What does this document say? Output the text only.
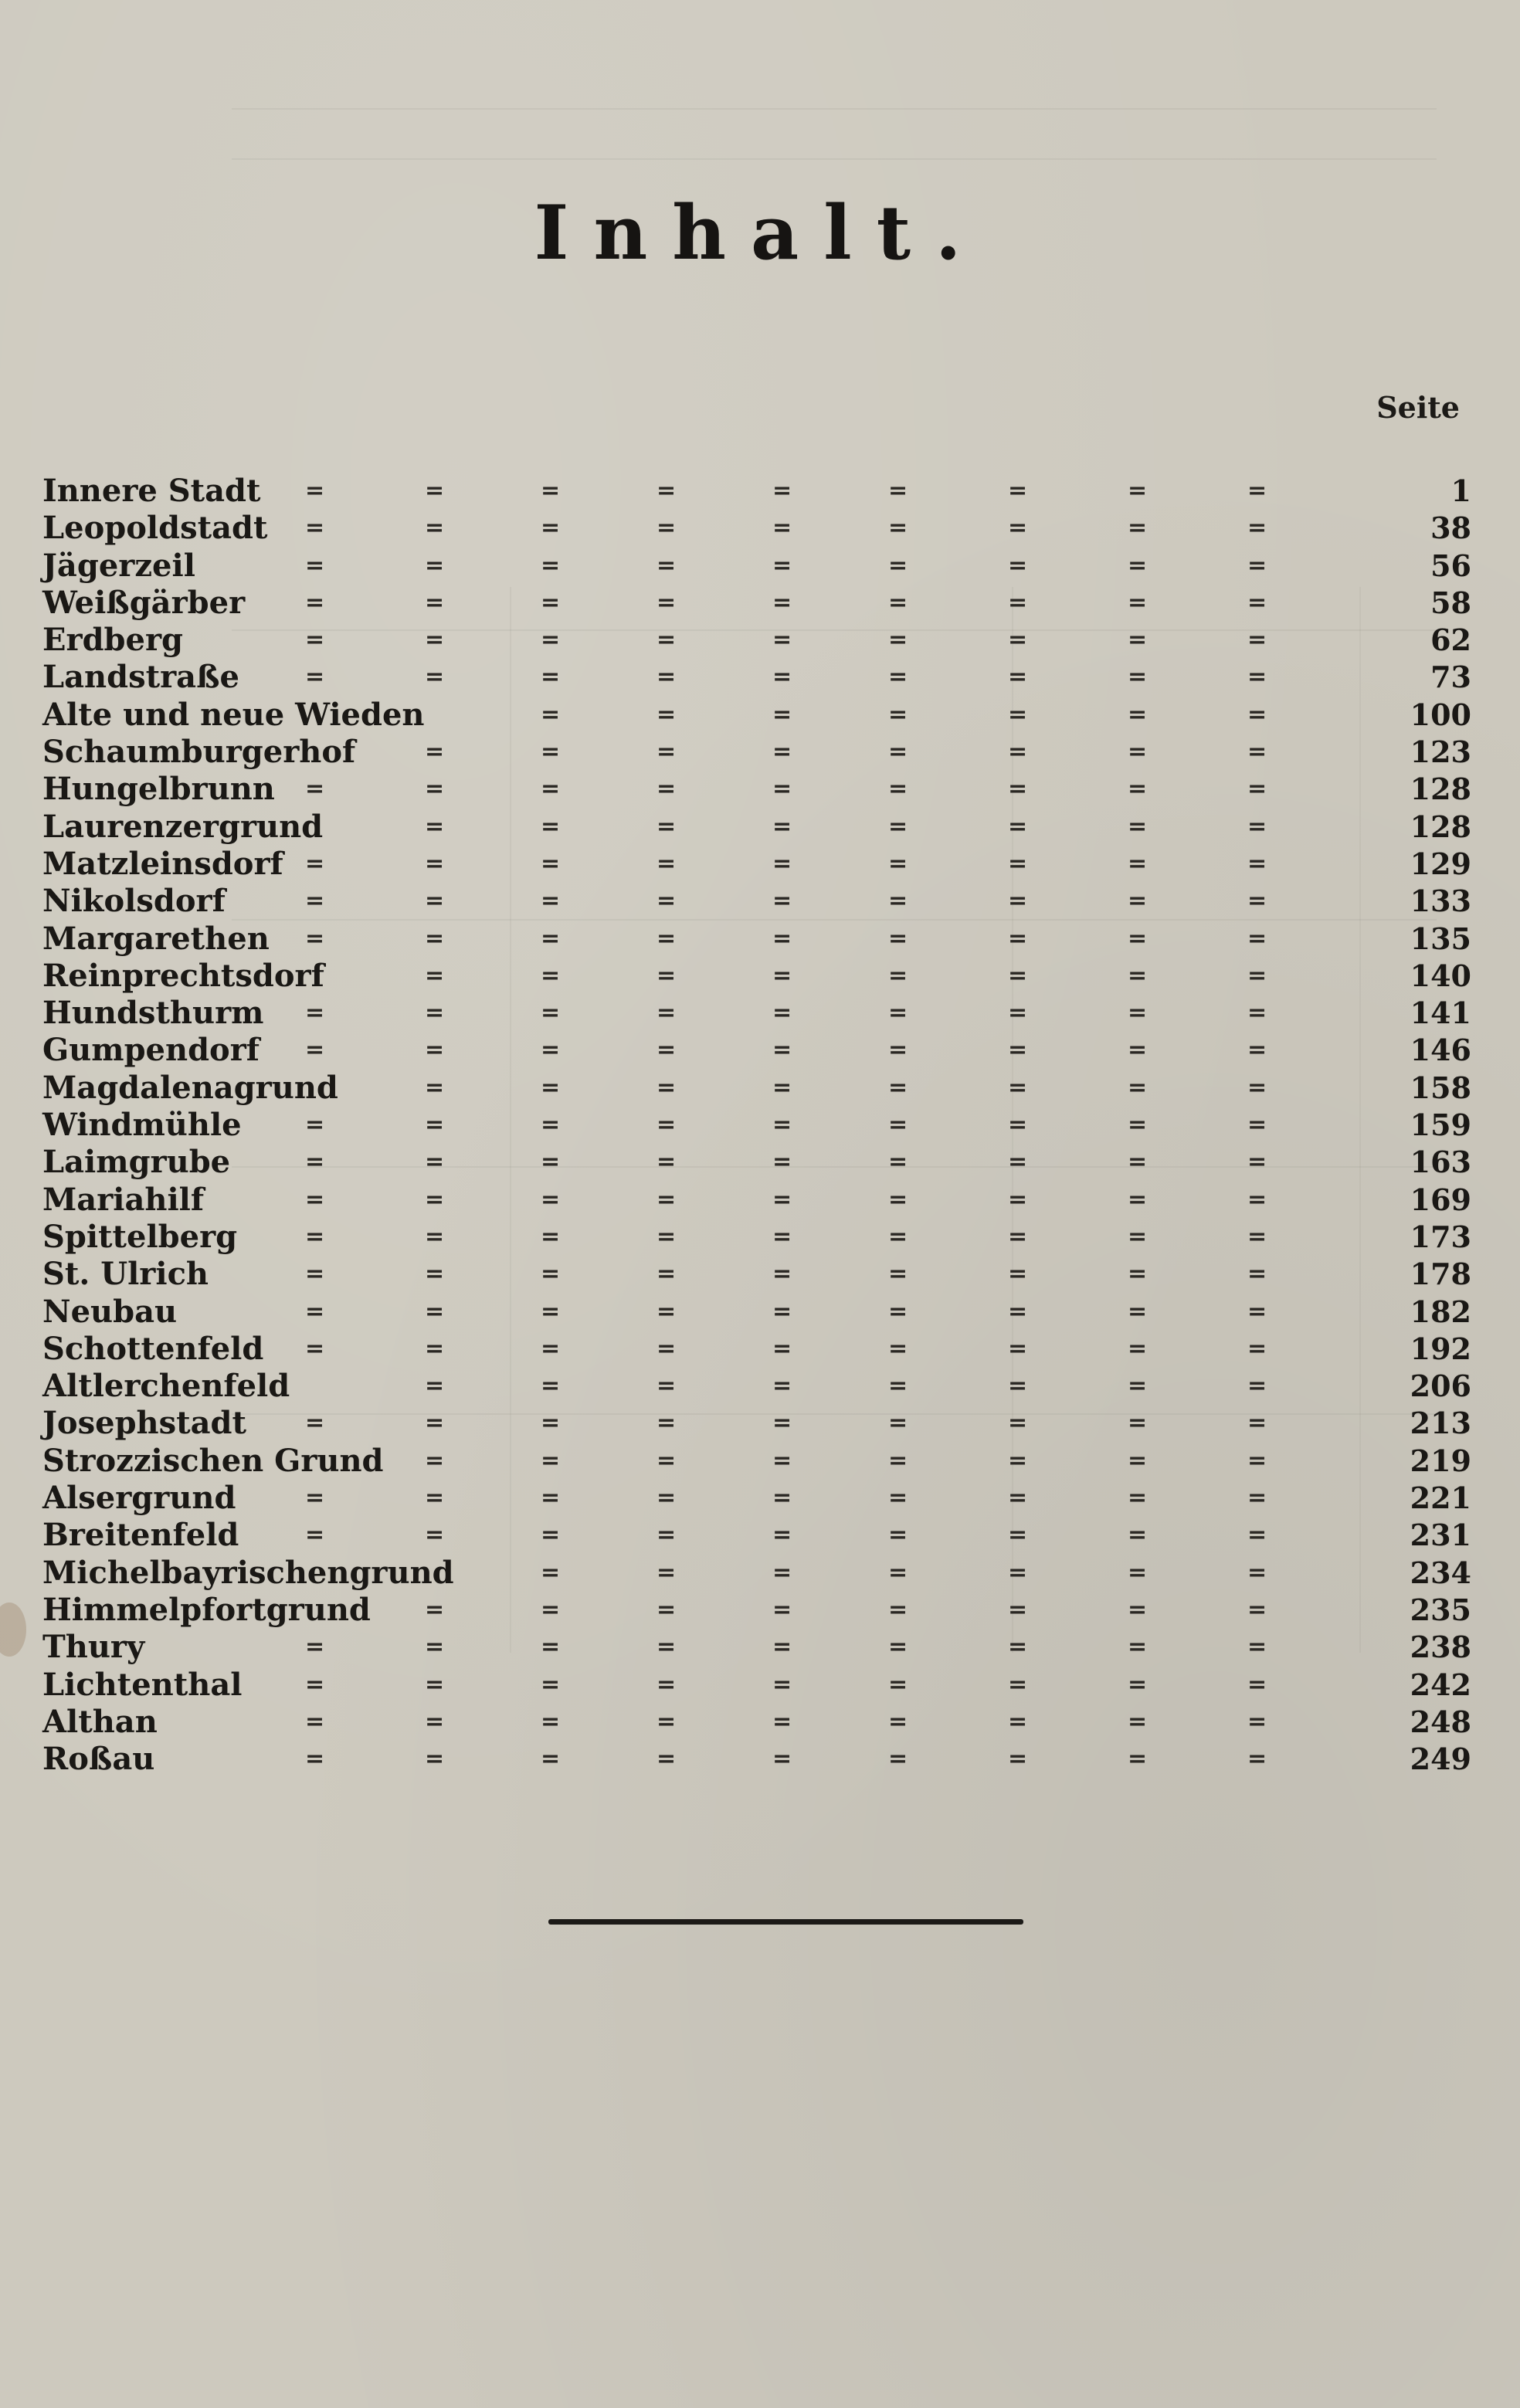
Inhalt.
Seite
Innere Stadt =	=	=	=	=	=	=	=	=	1
Leopoldstadt =	=	=	=	=	=	=	=	=	38
Jägerzeil	=	=	=	=	=	=	=	=	=	56
Weißgärber	=	=	=	=	=	=	=	=	=	58
Erdberg	=	=	=	=	=	=	=	=	=	62
Landstraße	=	=	=	=	=	=	=	=	=	73
Alte und neue Wieden	=	=	=	=	=	=	=	100
Schaumburgerhof	=	=	=	=	=	=	=	=	123
Hungelbrunn =	=	=	=	=	=	=	=	=	128
Laurenzergrund	=	=	=	=	=	=	=	=	128
Matzleinsdorf =	=	=	=	=	=	=	=	=	129
Nikolsdorf	=	=	=	=	=	=	=	=	=	133
Margarethen =	=	=	=	=	=	=	=	=	135
Reinprechtsdorf	=	=	=	=	=	=	=	=	140
Hundsthurm =	=	=	=	=	=	=	=	=	141
Gumpendorf =	=	=	=	=	=	=	=	=	146
Magdalenagrund	=	=	=	=	=	=	=	=	158
Windmühle	=	=	=	=	=	=	=	=	=	159
Laimgrube	=	=	=	=	=	=	=	=	=	163
Mariahilf	=	=	=	=	=	=	=	=	=	169
Spittelberg	=	=	=	=	=	=	=	=	=	173
St. Ulrich	=	=	=	=	=	=	=	=	=	178
Neubau	=	=	=	=	=	=	=	=	=	182
Schottenfeld =	=	=	=	=	=	=	=	=	192
Altlerchenfeld	=	=	=	=	=	=	=	=	206
Josephstadt	=	=	=	=	=	=	=	=	=	213
Strozzischen Grund =	=	=	=	=	=	=	=	219
Alsergrund	=	=	=	=	=	=	=	=	=	221
Breitenfeld	=	=	=	=	=	=	=	=	=	231
Michelbayrischengrund	=	=	=	=	=	=	=	234
Himmelpfortgrund =	=	=	=	=	=	=	=	235
Thury	=	=	=	=	=	=	=	=	=	238
Lichtenthal	=	=	=	=	=	=	=	=	=	242
Althan	=	=	=	=	=	=	=	=	=	248
Roßau	=	=	=	=	=	=	=	=	=	249
